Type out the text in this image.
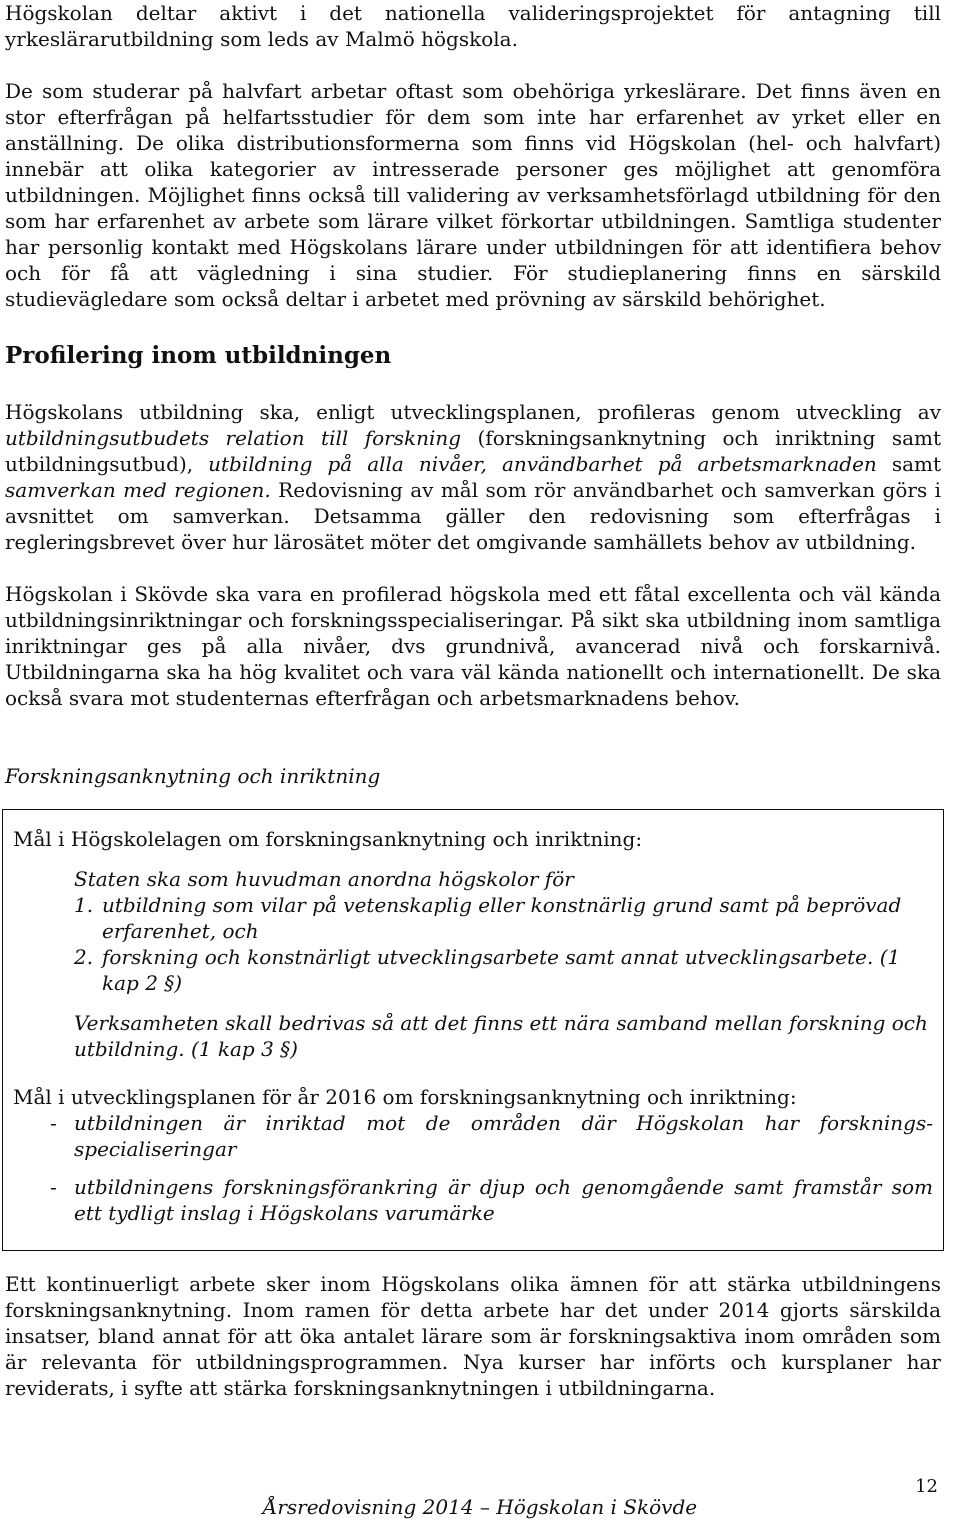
Högskolan deltar aktivt i det nationella valideringsprojektet för antagning till yrkeslärarutbildning som leds av Malmö högskola.

De som studerar på halvfart arbetar oftast som obehöriga yrkeslärare. Det finns även en stor efterfrågan på helfartsstudier för dem som inte har erfarenhet av yrket eller en anställning. De olika distributionsformerna som finns vid Högskolan (hel- och halvfart) innebär att olika kategorier av intresserade personer ges möjlighet att genomföra utbildningen. Möjlighet finns också till validering av verksamhetsförlagd utbildning för den som har erfarenhet av arbete som lärare vilket förkortar utbildningen. Samtliga studenter har personlig kontakt med Högskolans lärare under utbildningen för att identifiera behov och för få att vägledning i sina studier. För studieplanering finns en särskild studievägledare som också deltar i arbetet med prövning av särskild behörighet.

Profilering inom utbildningen

Högskolans utbildning ska, enligt utvecklingsplanen, profileras genom utveckling av utbildningsutbudets relation till forskning (forskningsanknytning och inriktning samt utbildningsutbud), utbildning på alla nivåer, användbarhet på arbetsmarknaden samt samverkan med regionen. Redovisning av mål som rör användbarhet och samverkan görs i avsnittet om samverkan. Detsamma gäller den redovisning som efterfrågas i regleringsbrevet över hur lärosätet möter det omgivande samhällets behov av utbildning.

Högskolan i Skövde ska vara en profilerad högskola med ett fåtal excellenta och väl kända utbildningsinriktningar och forskningsspecialiseringar. På sikt ska utbildning inom samtliga inriktningar ges på alla nivåer, dvs grundnivå, avancerad nivå och forskarnivå. Utbildningarna ska ha hög kvalitet och vara väl kända nationellt och internationellt. De ska också svara mot studenternas efterfrågan och arbetsmarknadens behov.

Forskningsanknytning och inriktning

Mål i Högskolelagen om forskningsanknytning och inriktning:

Staten ska som huvudman anordna högskolor för

1. utbildning som vilar på vetenskaplig eller konstnärlig grund samt på beprövad erfarenhet, och
2. forskning och konstnärligt utvecklingsarbete samt annat utvecklingsarbete. (1 kap 2 §)

Verksamheten skall bedrivas så att det finns ett nära samband mellan forskning och utbildning. (1 kap 3 §)

Mål i utvecklingsplanen för år 2016 om forskningsanknytning och inriktning:

- utbildningen är inriktad mot de områden där Högskolan har forsknings-specialiseringar
- utbildningens forskningsförankring är djup och genomgående samt framstår som ett tydligt inslag i Högskolans varumärke

Ett kontinuerligt arbete sker inom Högskolans olika ämnen för att stärka utbildningens forskningsanknytning. Inom ramen för detta arbete har det under 2014 gjorts särskilda insatser, bland annat för att öka antalet lärare som är forskningsaktiva inom områden som är relevanta för utbildningsprogrammen. Nya kurser har införts och kursplaner har reviderats, i syfte att stärka forskningsanknytningen i utbildningarna.

12
Årsredovisning 2014 – Högskolan i Skövde
